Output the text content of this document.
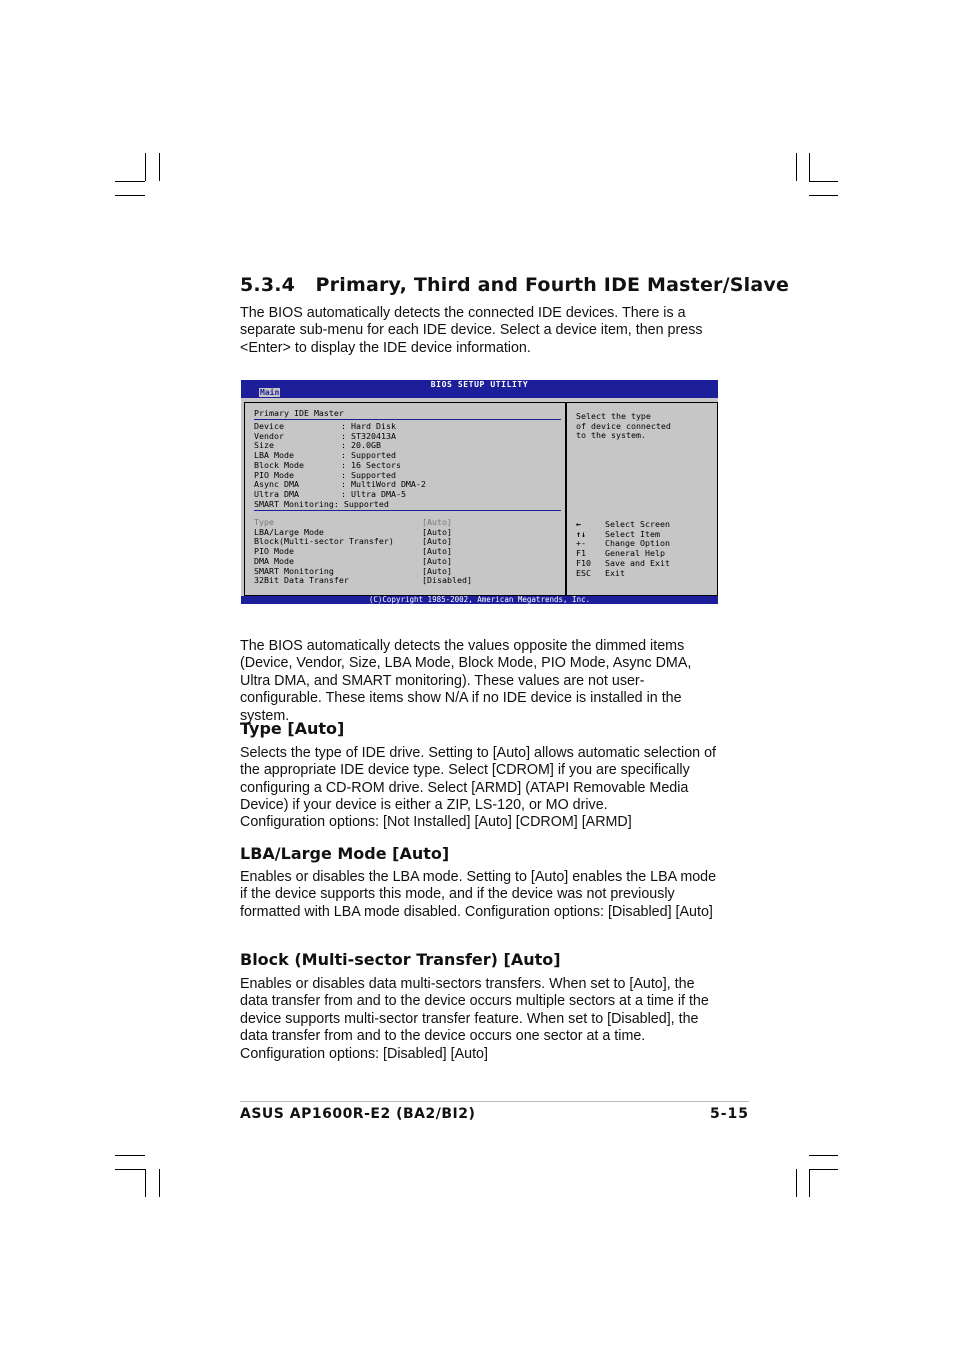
5.3.4   Primary, Third and Fourth IDE Master/Slave

The BIOS automatically detects the connected IDE devices. There is a separate sub-menu for each IDE device. Select a device item, then press <Enter> to display the IDE device information.

BIOS SETUP UTILITY
Main
Primary IDE Master
Device	: Hard Disk
Vendor	: ST320413A
Size	: 20.0GB
LBA Mode	: Supported
Block Mode	: 16 Sectors
PIO Mode	: Supported
Async DMA	: MultiWord DMA-2
Ultra DMA	: Ultra DMA-5
SMART Monitoring: Supported
Type	[Auto]
LBA/Large Mode	[Auto]
Block(Multi-sector Transfer)	[Auto]
PIO Mode	[Auto]
DMA Mode	[Auto]
SMART Monitoring	[Auto]
32Bit Data Transfer	[Disabled]
Select the type
of device connected
to the system.
←	Select Screen
↑↓ Select Item
+- Change Option
F1 General Help
F10 Save and Exit
ESC Exit
(C)Copyright 1985-2002, American Megatrends, Inc.

The BIOS automatically detects the values opposite the dimmed items (Device, Vendor, Size, LBA Mode, Block Mode, PIO Mode, Async DMA, Ultra DMA, and SMART monitoring). These values are not user-configurable. These items show N/A if no IDE device is installed in the system.

Type [Auto]

Selects the type of IDE drive. Setting to [Auto] allows automatic selection of the appropriate IDE device type. Select [CDROM] if you are specifically configuring a CD-ROM drive. Select [ARMD] (ATAPI Removable Media Device) if your device is either a ZIP, LS-120, or MO drive.

Configuration options: [Not Installed] [Auto] [CDROM] [ARMD]

LBA/Large Mode [Auto]

Enables or disables the LBA mode. Setting to [Auto] enables the LBA mode if the device supports this mode, and if the device was not previously formatted with LBA mode disabled. Configuration options: [Disabled] [Auto]

Block (Multi-sector Transfer) [Auto]

Enables or disables data multi-sectors transfers. When set to [Auto], the data transfer from and to the device occurs multiple sectors at a time if the device supports multi-sector transfer feature. When set to [Disabled], the data transfer from and to the device occurs one sector at a time. Configuration options: [Disabled] [Auto]

ASUS AP1600R-E2 (BA2/BI2)	5-15
